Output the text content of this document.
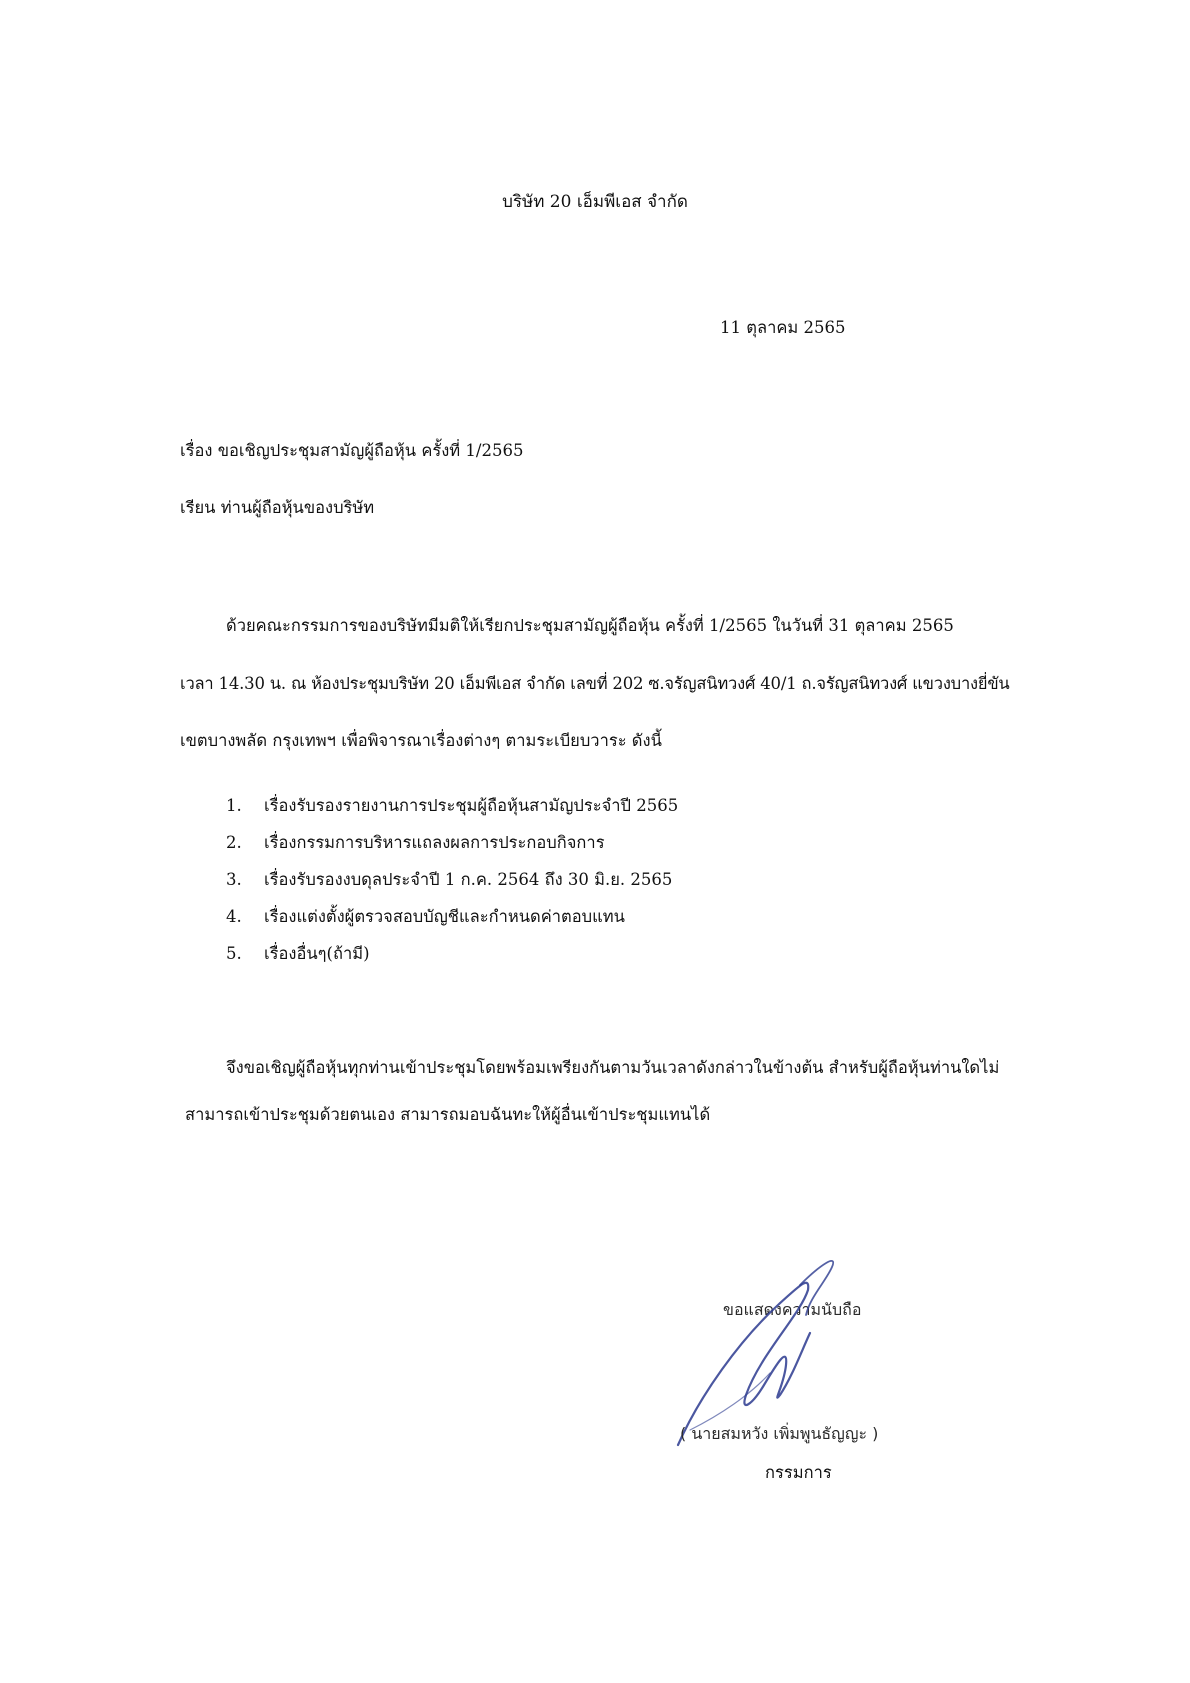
บริษัท 20 เอ็มพีเอส จำกัด
11 ตุลาคม 2565
เรื่อง ขอเชิญประชุมสามัญผู้ถือหุ้น ครั้งที่ 1/2565
เรียน ท่านผู้ถือหุ้นของบริษัท
ด้วยคณะกรรมการของบริษัทมีมติให้เรียกประชุมสามัญผู้ถือหุ้น ครั้งที่ 1/2565 ในวันที่ 31 ตุลาคม 2565
เวลา 14.30 น. ณ ห้องประชุมบริษัท 20 เอ็มพีเอส จำกัด เลขที่ 202 ซ.จรัญสนิทวงศ์ 40/1 ถ.จรัญสนิทวงศ์ แขวงบางยี่ขัน
เขตบางพลัด กรุงเทพฯ เพื่อพิจารณาเรื่องต่างๆ ตามระเบียบวาระ ดังนี้
1. เรื่องรับรองรายงานการประชุมผู้ถือหุ้นสามัญประจำปี 2565
2. เรื่องกรรมการบริหารแถลงผลการประกอบกิจการ
3. เรื่องรับรองงบดุลประจำปี 1 ก.ค. 2564 ถึง 30 มิ.ย. 2565
4. เรื่องแต่งตั้งผู้ตรวจสอบบัญชีและกำหนดค่าตอบแทน
5. เรื่องอื่นๆ(ถ้ามี)
จึงขอเชิญผู้ถือหุ้นทุกท่านเข้าประชุมโดยพร้อมเพรียงกันตามวันเวลาดังกล่าวในข้างต้น สำหรับผู้ถือหุ้นท่านใดไม่
สามารถเข้าประชุมด้วยตนเอง สามารถมอบฉันทะให้ผู้อื่นเข้าประชุมแทนได้
ขอแสดงความนับถือ
( นายสมหวัง เพิ่มพูนธัญญะ )
กรรมการ
